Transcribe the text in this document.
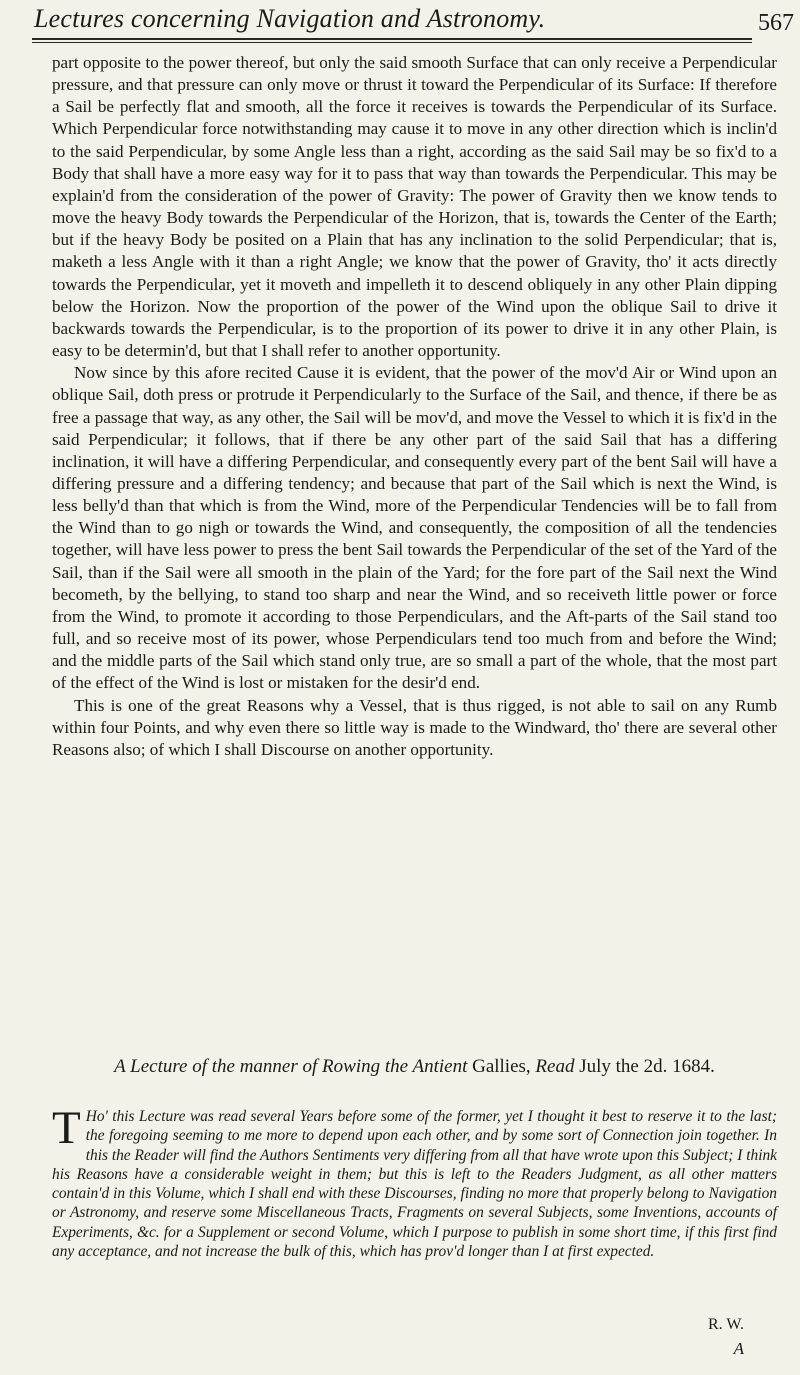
Lectures concerning Navigation and Astronomy.	567

part opposite to the power thereof, but only the said smooth Surface that can only receive a Perpendicular pressure, and that pressure can only move or thrust it toward the Perpendicular of its Surface: If therefore a Sail be perfectly flat and smooth, all the force it receives is towards the Perpendicular of its Surface. Which Perpendicular force notwithstanding may cause it to move in any other direction which is inclin'd to the said Perpendicular, by some Angle less than a right, according as the said Sail may be so fix'd to a Body that shall have a more easy way for it to pass that way than towards the Perpendicular. This may be explain'd from the consideration of the power of Gravity: The power of Gravity then we know tends to move the heavy Body towards the Perpendicular of the Horizon, that is, towards the Center of the Earth; but if the heavy Body be posited on a Plain that has any inclination to the solid Perpendicular; that is, maketh a less Angle with it than a right Angle; we know that the power of Gravity, tho' it acts directly towards the Perpendicular, yet it moveth and impelleth it to descend obliquely in any other Plain dipping below the Horizon. Now the proportion of the power of the Wind upon the oblique Sail to drive it backwards towards the Perpendicular, is to the proportion of its power to drive it in any other Plain, is easy to be determin'd, but that I shall refer to another opportunity.

Now since by this afore recited Cause it is evident, that the power of the mov'd Air or Wind upon an oblique Sail, doth press or protrude it Perpendicularly to the Surface of the Sail, and thence, if there be as free a passage that way, as any other, the Sail will be mov'd, and move the Vessel to which it is fix'd in the said Perpendicular; it follows, that if there be any other part of the said Sail that has a differing inclination, it will have a differing Perpendicular, and consequently every part of the bent Sail will have a differing pressure and a differing tendency; and because that part of the Sail which is next the Wind, is less belly'd than that which is from the Wind, more of the Perpendicular Tendencies will be to fall from the Wind than to go nigh or towards the Wind, and consequently, the composition of all the tendencies together, will have less power to press the bent Sail towards the Perpendicular of the set of the Yard of the Sail, than if the Sail were all smooth in the plain of the Yard; for the fore part of the Sail next the Wind becometh, by the bellying, to stand too sharp and near the Wind, and so receiveth little power or force from the Wind, to promote it according to those Perpendiculars, and the Aft-parts of the Sail stand too full, and so receive most of its power, whose Perpendiculars tend too much from and before the Wind; and the middle parts of the Sail which stand only true, are so small a part of the whole, that the most part of the effect of the Wind is lost or mistaken for the desir'd end.

This is one of the great Reasons why a Vessel, that is thus rigged, is not able to sail on any Rumb within four Points, and why even there so little way is made to the Windward, tho' there are several other Reasons also; of which I shall Discourse on another opportunity.

A Lecture of the manner of Rowing the Antient Gallies, Read July the 2d. 1684.
T Ho' this Lecture was read several Years before some of the former, yet I thought it best to reserve it to the last; the foregoing seeming to me more to depend upon each other, and by some sort of Connection join together. In this the Reader will find the Authors Sentiments very differing from all that have wrote upon this Subject; I think his Reasons have a considerable weight in them; but this is left to the Readers Judgment, as all other matters contain'd in this Volume, which I shall end with these Discourses, finding no more that properly belong to Navigation or Astronomy, and reserve some Miscellaneous Tracts, Fragments on several Subjects, some Inventions, accounts of Experiments, &c. for a Supplement or second Volume, which I purpose to publish in some short time, if this first find any acceptance, and not increase the bulk of this, which has prov'd longer than I at first expected.
R. W.
A
